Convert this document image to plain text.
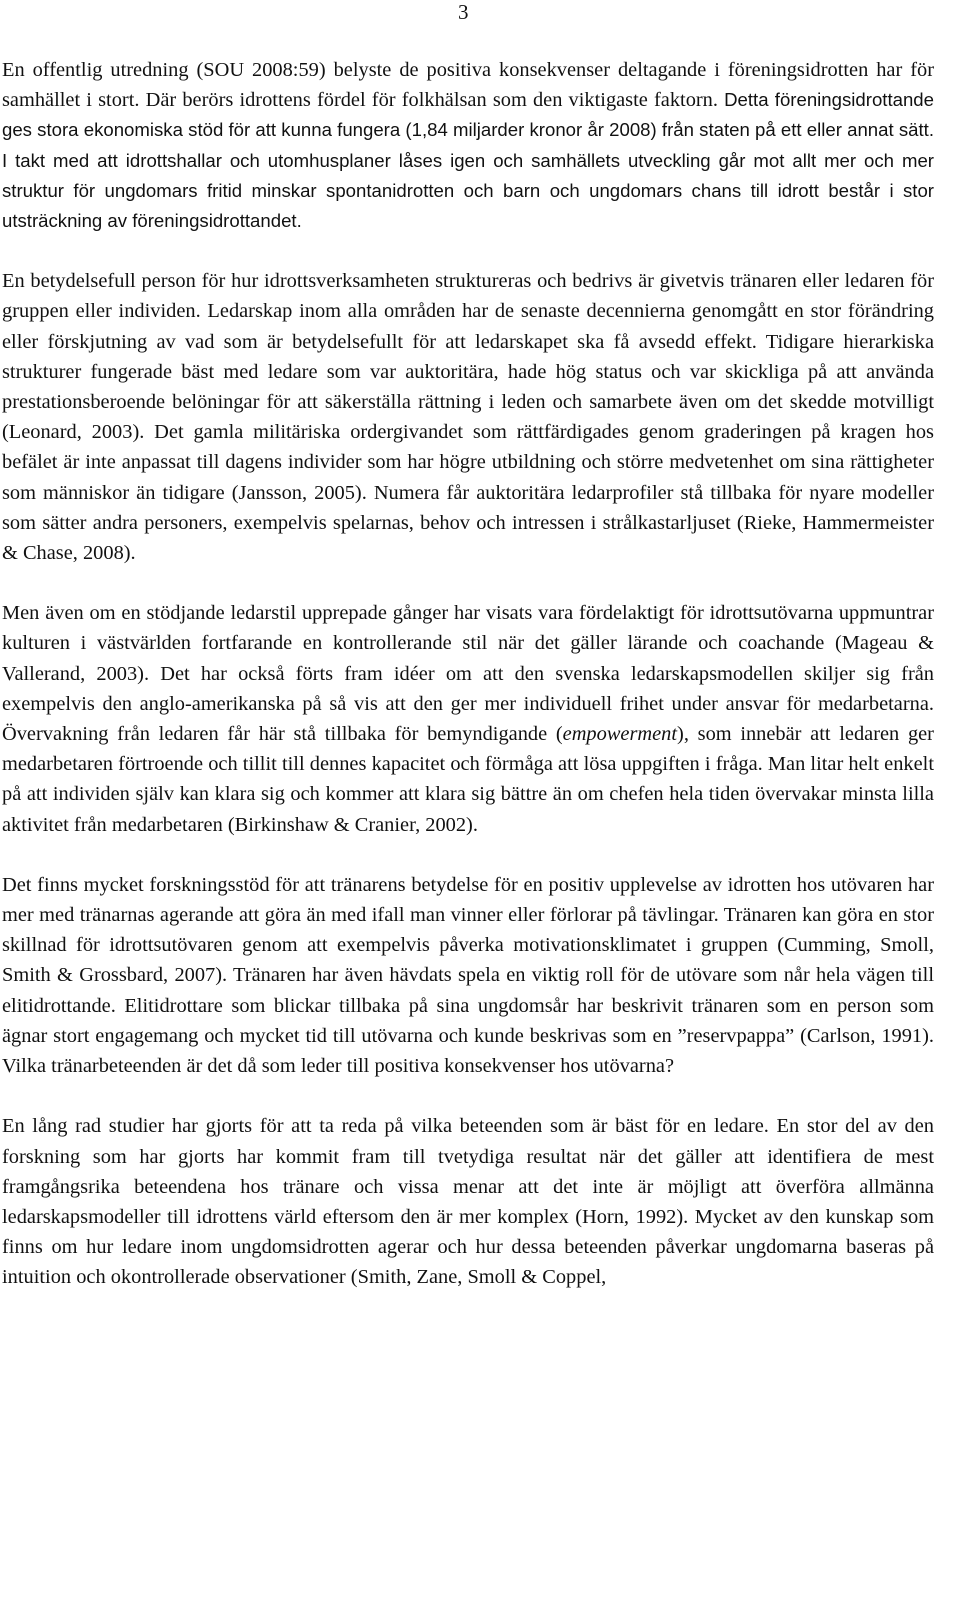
3

En offentlig utredning (SOU 2008:59) belyste de positiva konsekvenser deltagande i föreningsidrotten har för samhället i stort. Där berörs idrottens fördel för folkhälsan som den viktigaste faktorn. Detta föreningsidrottande ges stora ekonomiska stöd för att kunna fungera (1,84 miljarder kronor år 2008) från staten på ett eller annat sätt. I takt med att idrottshallar och utomhusplaner låses igen och samhällets utveckling går mot allt mer och mer struktur för ungdomars fritid minskar spontanidrotten och barn och ungdomars chans till idrott består i stor utsträckning av föreningsidrottandet.

En betydelsefull person för hur idrottsverksamheten struktureras och bedrivs är givetvis tränaren eller ledaren för gruppen eller individen. Ledarskap inom alla områden har de senaste decennierna genomgått en stor förändring eller förskjutning av vad som är betydelsefullt för att ledarskapet ska få avsedd effekt. Tidigare hierarkiska strukturer fungerade bäst med ledare som var auktoritära, hade hög status och var skickliga på att använda prestationsberoende belöningar för att säkerställa rättning i leden och samarbete även om det skedde motvilligt (Leonard, 2003). Det gamla militäriska ordergivandet som rättfärdigades genom graderingen på kragen hos befälet är inte anpassat till dagens individer som har högre utbildning och större medvetenhet om sina rättigheter som människor än tidigare (Jansson, 2005). Numera får auktoritära ledarprofiler stå tillbaka för nyare modeller som sätter andra personers, exempelvis spelarnas, behov och intressen i strålkastarljuset (Rieke, Hammermeister & Chase, 2008).

Men även om en stödjande ledarstil upprepade gånger har visats vara fördelaktigt för idrottsutövarna uppmuntrar kulturen i västvärlden fortfarande en kontrollerande stil när det gäller lärande och coachande (Mageau & Vallerand, 2003). Det har också förts fram idéer om att den svenska ledarskapsmodellen skiljer sig från exempelvis den anglo-amerikanska på så vis att den ger mer individuell frihet under ansvar för medarbetarna. Övervakning från ledaren får här stå tillbaka för bemyndigande (empowerment), som innebär att ledaren ger medarbetaren förtroende och tillit till dennes kapacitet och förmåga att lösa uppgiften i fråga. Man litar helt enkelt på att individen själv kan klara sig och kommer att klara sig bättre än om chefen hela tiden övervakar minsta lilla aktivitet från medarbetaren (Birkinshaw & Cranier, 2002).

Det finns mycket forskningsstöd för att tränarens betydelse för en positiv upplevelse av idrotten hos utövaren har mer med tränarnas agerande att göra än med ifall man vinner eller förlorar på tävlingar. Tränaren kan göra en stor skillnad för idrottsutövaren genom att exempelvis påverka motivationsklimatet i gruppen (Cumming, Smoll, Smith & Grossbard, 2007). Tränaren har även hävdats spela en viktig roll för de utövare som når hela vägen till elitidrottande. Elitidrottare som blickar tillbaka på sina ungdomsår har beskrivit tränaren som en person som ägnar stort engagemang och mycket tid till utövarna och kunde beskrivas som en ”reservpappa” (Carlson, 1991). Vilka tränarbeteenden är det då som leder till positiva konsekvenser hos utövarna?

En lång rad studier har gjorts för att ta reda på vilka beteenden som är bäst för en ledare. En stor del av den forskning som har gjorts har kommit fram till tvetydiga resultat när det gäller att identifiera de mest framgångsrika beteendena hos tränare och vissa menar att det inte är möjligt att överföra allmänna ledarskapsmodeller till idrottens värld eftersom den är mer komplex (Horn, 1992). Mycket av den kunskap som finns om hur ledare inom ungdomsidrotten agerar och hur dessa beteenden påverkar ungdomarna baseras på intuition och okontrollerade observationer (Smith, Zane, Smoll & Coppel,
